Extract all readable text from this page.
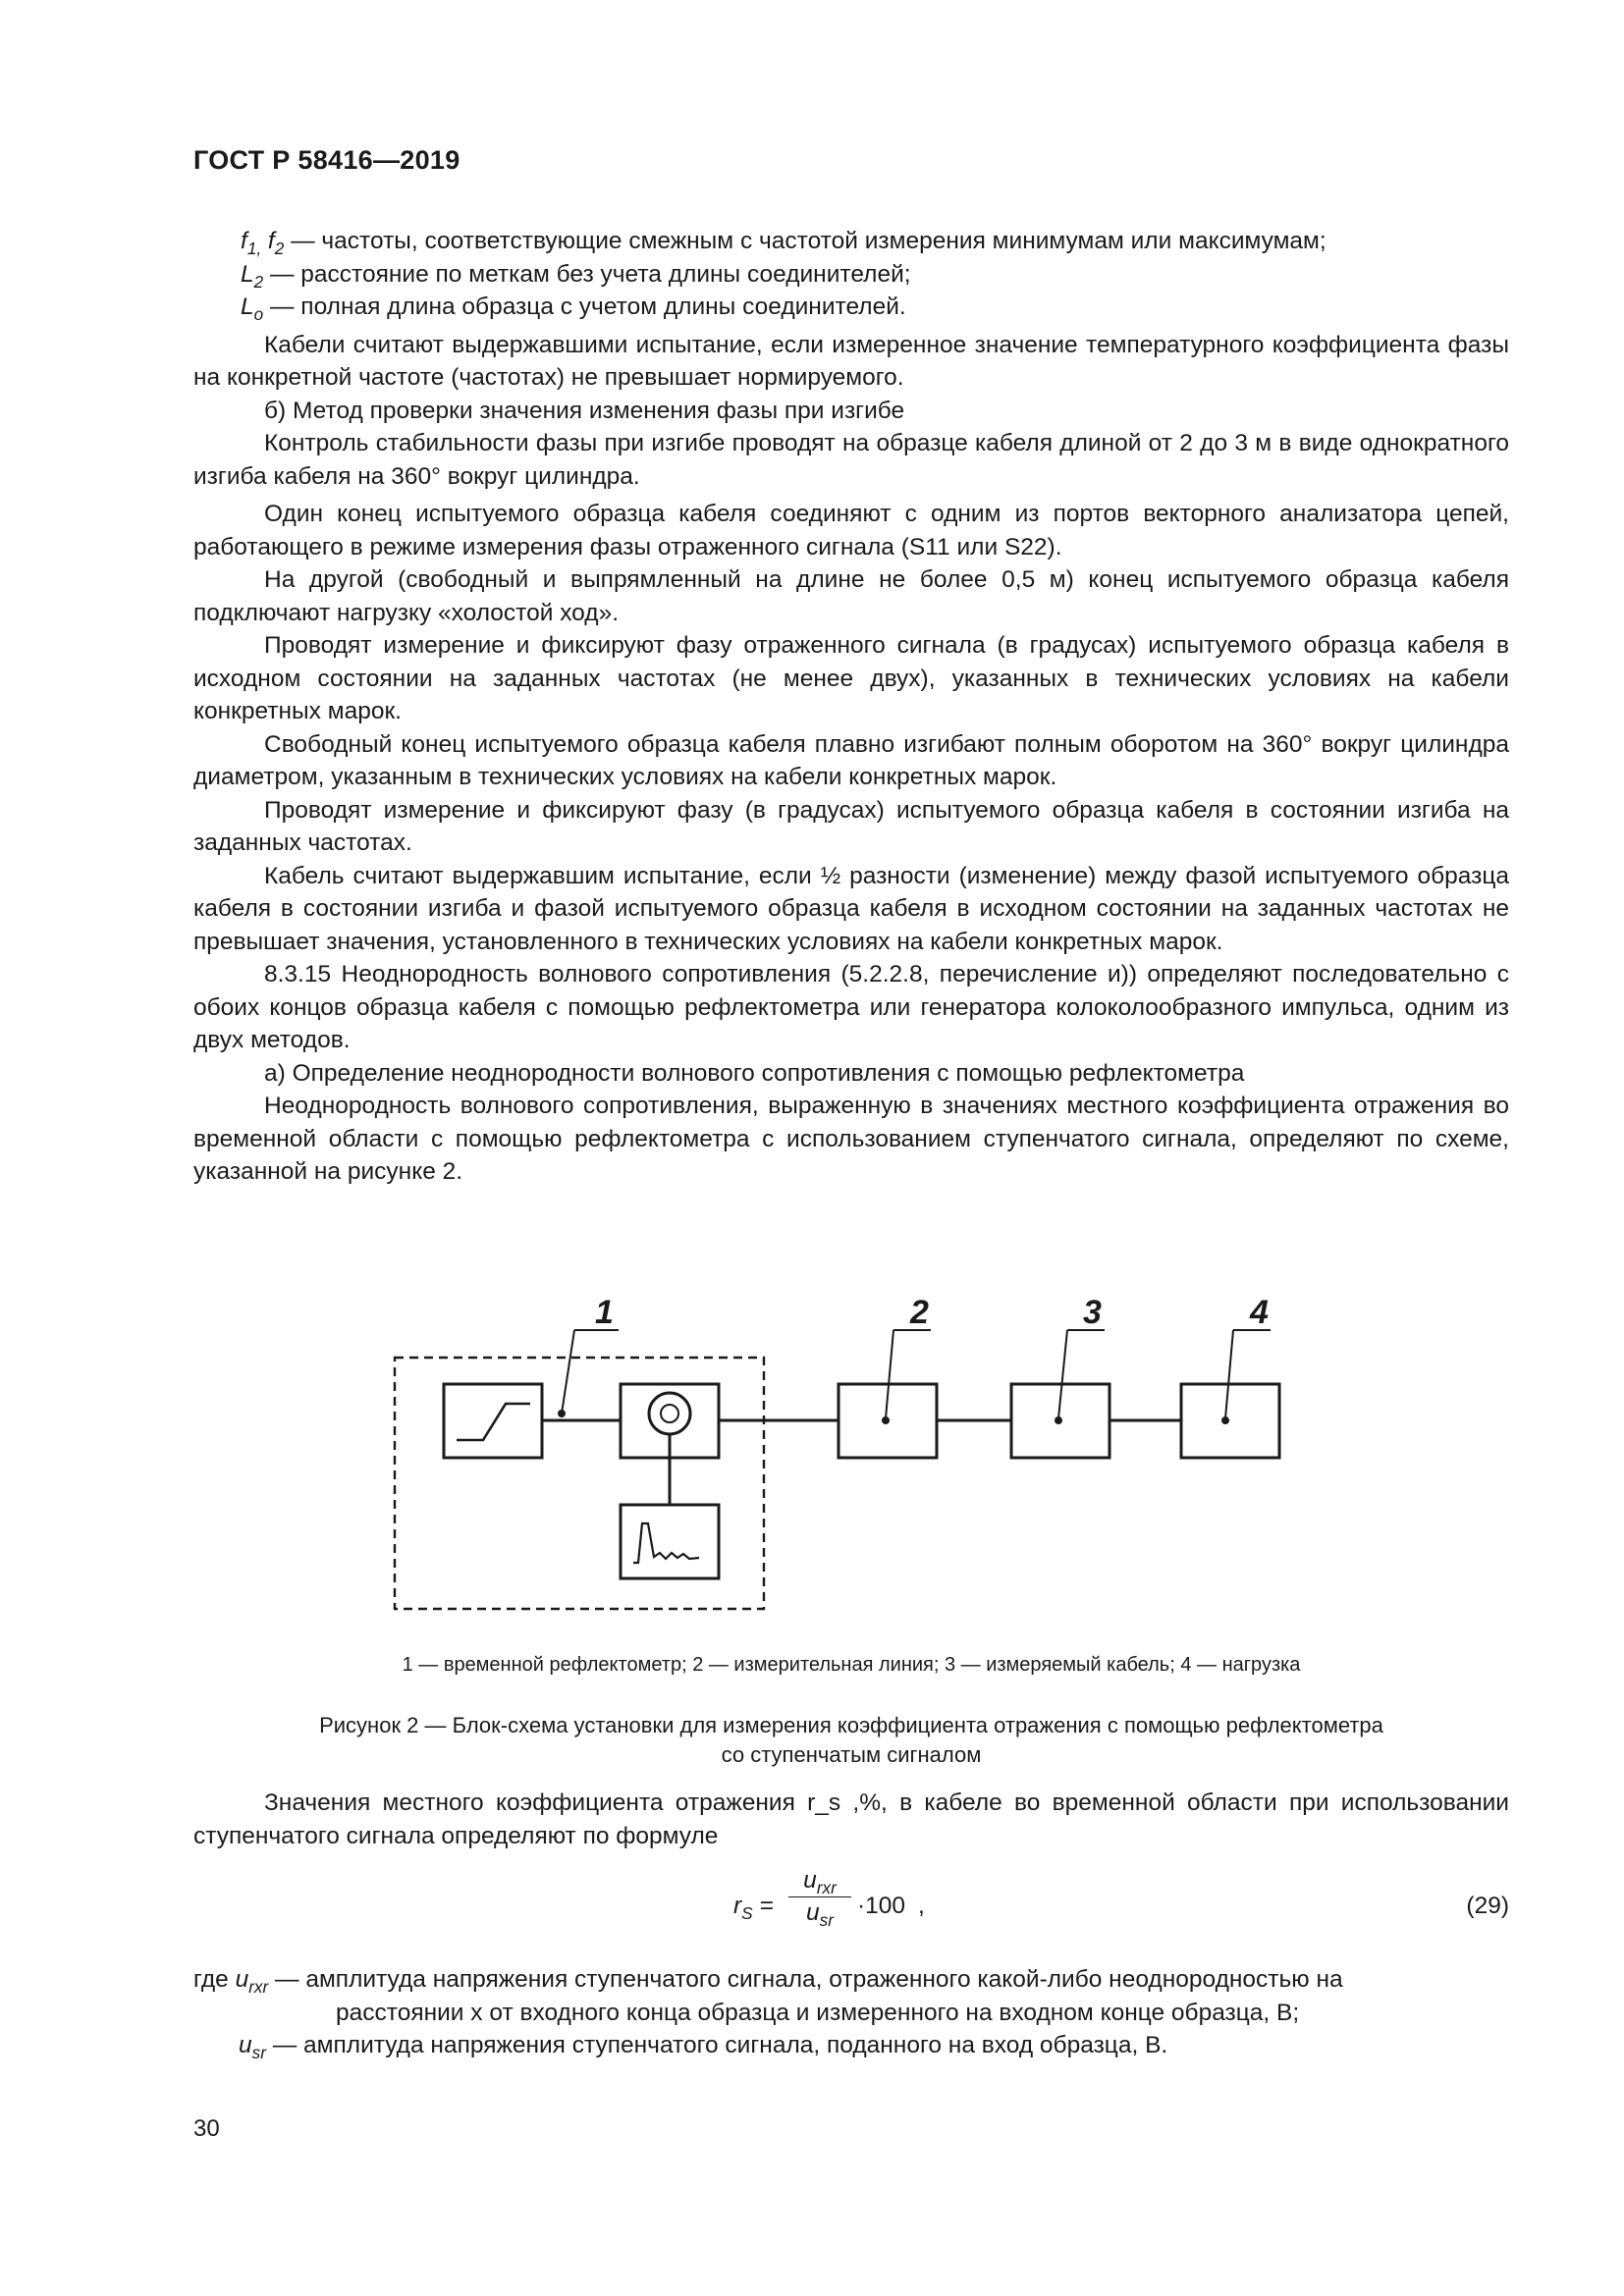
ГОСТ Р 58416—2019

$f_{1,}$ $f_2$ — частоты, соответствующие смежным с частотой измерения минимумам или максимумам;

$L_2$ — расстояние по меткам без учета длины соединителей;

$L_o$ — полная длина образца с учетом длины соединителей.

Кабели считают выдержавшими испытание, если измеренное значение температурного коэффициента фазы на конкретной частоте (частотах) не превышает нормируемого.

б) Метод проверки значения изменения фазы при изгибе

Контроль стабильности фазы при изгибе проводят на образце кабеля длиной от 2 до 3 м в виде однократного изгиба кабеля на 360° вокруг цилиндра.

Один конец испытуемого образца кабеля соединяют с одним из портов векторного анализатора цепей, работающего в режиме измерения фазы отраженного сигнала (S11 или S22).

На другой (свободный и выпрямленный на длине не более 0,5 м) конец испытуемого образца кабеля подключают нагрузку «холостой ход».

Проводят измерение и фиксируют фазу отраженного сигнала (в градусах) испытуемого образца кабеля в исходном состоянии на заданных частотах (не менее двух), указанных в технических условиях на кабели конкретных марок.

Свободный конец испытуемого образца кабеля плавно изгибают полным оборотом на 360° вокруг цилиндра диаметром, указанным в технических условиях на кабели конкретных марок.

Проводят измерение и фиксируют фазу (в градусах) испытуемого образца кабеля в состоянии изгиба на заданных частотах.

Кабель считают выдержавшим испытание, если ½ разности (изменение) между фазой испытуемого образца кабеля в состоянии изгиба и фазой испытуемого образца кабеля в исходном состоянии на заданных частотах не превышает значения, установленного в технических условиях на кабели конкретных марок.

8.3.15 Неоднородность волнового сопротивления (5.2.2.8, перечисление и)) определяют последовательно с обоих концов образца кабеля с помощью рефлектометра или генератора колоколообразного импульса, одним из двух методов.

а) Определение неоднородности волнового сопротивления с помощью рефлектометра

Неоднородность волнового сопротивления, выраженную в значениях местного коэффициента отражения во временной области с помощью рефлектометра с использованием ступенчатого сигнала, определяют по схеме, указанной на рисунке 2.

1	2	3	4
1 — временной рефлектометр; 2 — измерительная линия; 3 — измеряемый кабель; 4 — нагрузка
Рисунок 2 — Блок-схема установки для измерения коэффициента отражения с помощью рефлектометра
со ступенчатым сигналом

Значения местного коэффициента отражения r_s ,%, в кабеле во временной области при использовании ступенчатого сигнала определяют по формуле

$r_S$ =
$u_{rxr}$
$u_{sr}$
·100 ,	(29)

где $u_{rxr}$ — амплитуда напряжения ступенчатого сигнала, отраженного какой-либо неоднородностью на

расстоянии x от входного конца образца и измеренного на входном конце образца, В;

$u_{sr}$ — амплитуда напряжения ступенчатого сигнала, поданного на вход образца, В.

30
